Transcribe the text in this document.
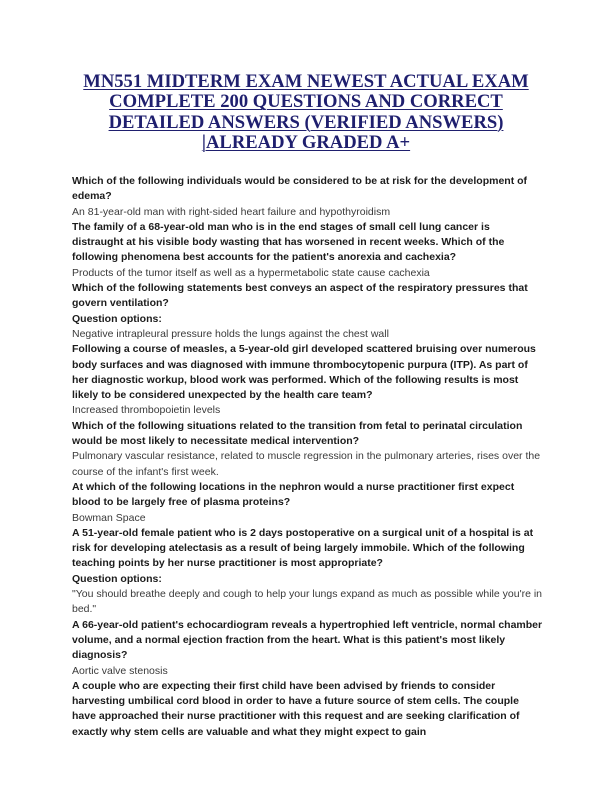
MN551 MIDTERM EXAM NEWEST ACTUAL EXAM COMPLETE 200 QUESTIONS AND CORRECT DETAILED ANSWERS (VERIFIED ANSWERS) |ALREADY GRADED A+

Which of the following individuals would be considered to be at risk for the development of edema?

An 81-year-old man with right-sided heart failure and hypothyroidism

The family of a 68-year-old man who is in the end stages of small cell lung cancer is distraught at his visible body wasting that has worsened in recent weeks. Which of the following phenomena best accounts for the patient's anorexia and cachexia?

Products of the tumor itself as well as a hypermetabolic state cause cachexia

Which of the following statements best conveys an aspect of the respiratory pressures that govern ventilation?

Question options:

Negative intrapleural pressure holds the lungs against the chest wall

Following a course of measles, a 5-year-old girl developed scattered bruising over numerous body surfaces and was diagnosed with immune thrombocytopenic purpura (ITP). As part of her diagnostic workup, blood work was performed. Which of the following results is most likely to be considered unexpected by the health care team?

Increased thrombopoietin levels

Which of the following situations related to the transition from fetal to perinatal circulation would be most likely to necessitate medical intervention?

Pulmonary vascular resistance, related to muscle regression in the pulmonary arteries, rises over the course of the infant's first week.

At which of the following locations in the nephron would a nurse practitioner first expect blood to be largely free of plasma proteins?

Bowman Space

A 51-year-old female patient who is 2 days postoperative on a surgical unit of a hospital is at risk for developing atelectasis as a result of being largely immobile. Which of the following teaching points by her nurse practitioner is most appropriate?

Question options:

"You should breathe deeply and cough to help your lungs expand as much as possible while you're in bed."

A 66-year-old patient's echocardiogram reveals a hypertrophied left ventricle, normal chamber volume, and a normal ejection fraction from the heart. What is this patient's most likely diagnosis?

Aortic valve stenosis

A couple who are expecting their first child have been advised by friends to consider harvesting umbilical cord blood in order to have a future source of stem cells. The couple have approached their nurse practitioner with this request and are seeking clarification of exactly why stem cells are valuable and what they might expect to gain
